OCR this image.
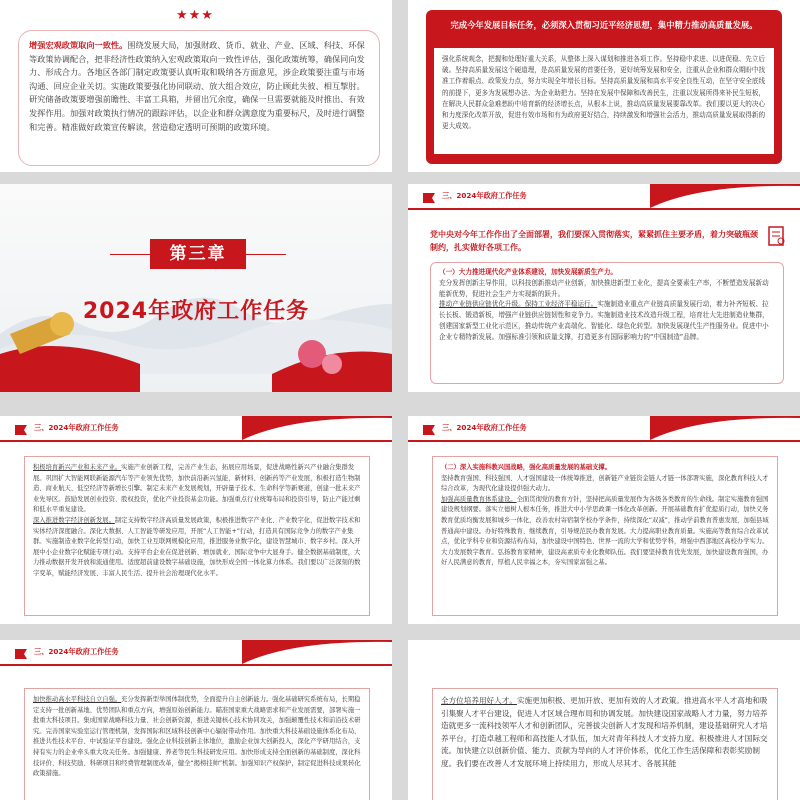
★★★
增强宏观政策取向一致性。围绕发展大局，加强财政、货币、就业、产业、区域、科技、环保等政策协调配合，把非经济性政策纳入宏观政策取向一致性评估，强化政策统筹，确保同向发力、形成合力。各地区各部门制定政策要认真听取和吸纳各方面意见，涉企政策要注重与市场沟通、回应企业关切。实施政策要强化协同联动、放大组合效应，防止顾此失彼、相互掣肘。研究储备政策要增强前瞻性、丰富工具箱，并留出冗余度，确保一旦需要就能及时推出、有效发挥作用。加强对政策执行情况的跟踪评估，以企业和群众满意度为重要标尺，及时进行调整和完善。精准做好政策宣传解读，营造稳定透明可预期的政策环境。
完成今年发展目标任务，必须深入贯彻习近平经济思想，集中精力推动高质量发展。
强化系统观念，把握和处理好重大关系，从整体上深入谋划和推进各项工作。坚持稳中求进、以进促稳、先立后破。坚持高质量发展这个硬道理，是高质量发展的首要任务，更好统筹发展和安全，注重从企业和群众期盼中找准工作着眼点、政策发力点，努力实现全年增长目标。坚持高质量发展和高水平安全良性互动，在坚守安全底线的前提下，更多为发展想办法、为企业助把力。坚持在发展中保障和改善民生，注重以发展所得来补民生短板，在解决人民群众急难愁盼中培育新的经济增长点，从根本上说，推动高质量发展要靠改革。我们要以更大的决心和力度深化改革开放，促进有效市场和有为政府更好结合，持续激发和增强社会活力，推动高质量发展取得新的更大成效。
第三章
2024年政府工作任务
三、2024年政府工作任务
党中央对今年工作作出了全面部署，我们要深入贯彻落实，紧紧抓住主要矛盾，着力突破瓶颈制约，扎实做好各项工作。
（一）大力推进现代化产业体系建设，加快发展新质生产力。
充分发挥创新主导作用，以科技创新推动产业创新，加快推进新型工业化，提高全要素生产率，不断塑造发展新动能新优势，促进社会生产力实现新的跃升。
推动产业链供应链优化升级。保持工业经济平稳运行。实施制造业重点产业链高质量发展行动，着力补齐短板、拉长长板、锻造新板，增强产业链供应链韧性和竞争力。实施制造业技术改造升级工程，培育壮大先进制造业集群，创建国家新型工业化示范区，推动传统产业高端化、智能化、绿色化转型。加快发展现代生产性服务业。促进中小企业专精特新发展。加强标准引领和质量支撑，打造更多有国际影响力的“中国制造”品牌。
三、2024年政府工作任务
积极培育新兴产业和未来产业。实施产业创新工程，完善产业生态，拓展应用场景，促进战略性新兴产业融合集群发展。巩固扩大智能网联新能源汽车等产业领先优势，加快前沿新兴氢能、新材料、创新药等产业发展，积极打造生物制造、商业航天、低空经济等新增长引擎。制定未来产业发展规划，开辟量子技术、生命科学等新赛道，创建一批未来产业先导区。鼓励发展创业投资、股权投资，优化产业投资基金功能。加强重点行业统筹布局和投资引导，防止产能过剩和低水平重复建设。
深入推进数字经济创新发展。制定支持数字经济高质量发展政策，积极推进数字产业化、产业数字化，促进数字技术和实体经济深度融合。深化大数据、人工智能等研发应用，开展“人工智能+”行动，打造具有国际竞争力的数字产业集群。实施制造业数字化转型行动，加快工业互联网规模化应用，推进服务业数字化，建设智慧城市、数字乡村。深入开展中小企业数字化赋能专项行动。支持平台企业在促进创新、增加就业、国际竞争中大显身手。健全数据基础制度，大力推动数据开发开放和流通使用。适度超前建设数字基础设施，加快形成全国一体化算力体系。我们要以广泛深刻的数字变革，赋能经济发展、丰富人民生活、提升社会治理现代化水平。
三、2024年政府工作任务
（二）深入实施科教兴国战略，强化高质量发展的基础支撑。
坚持教育强国、科技强国、人才强国建设一体统筹推进，创新链产业链资金链人才链一体部署实施，深化教育科技人才综合改革，为现代化建设提供强大动力。
加强高质量教育体系建设。全面贯彻党的教育方针，坚持把高质量发展作为各级各类教育的生命线。制定实施教育强国建设规划纲要。落实立德树人根本任务，推进大中小学思政课一体化改革创新。开展基础教育扩优提质行动，加快义务教育优质均衡发展和城乡一体化，改善农村寄宿制学校办学条件，持续深化“双减”，推动学前教育普惠发展，加强县域普通高中建设。办好特殊教育、继续教育，引导规范民办教育发展。大力提高职业教育质量。实施高等教育综合改革试点，优化学科专业和资源结构布局，加快建设中国特色、世界一流的大学和优势学科，增强中西部地区高校办学实力。大力发展数字教育。弘扬教育家精神，建设高素质专业化教师队伍。我们要坚持教育优先发展，加快建设教育强国，办好人民满意的教育，厚植人民幸福之本，夯实国家富强之基。
三、2024年政府工作任务
加快推动高水平科技自立自强。充分发挥新型举国体制优势，全面提升自主创新能力。强化基础研究系统布局，长期稳定支持一批创新基地、优势团队和重点方向，增强原始创新能力。瞄准国家重大战略需求和产业发展需要，部署实施一批重大科技项目。集成国家战略科技力量、社会创新资源，推进关键核心技术协同攻关，加强颠覆性技术和前沿技术研究。完善国家实验室运行管理机制，发挥国际和区域科技创新中心辐射带动作用。加快重大科技基础设施体系化布局，推进共性技术平台、中试验证平台建设。强化企业科技创新主体地位，激励企业加大创新投入，深化产学研用结合，支持有实力的企业牵头重大攻关任务。加强健康、养老等民生科技研发应用。加快形成支持全面创新的基础制度，深化科技评价、科技奖励、科研项目和经费管理制度改革，健全“揭榜挂帅”机制。加强知识产权保护，制定促进科技成果转化政策措施。
全方位培养用好人才。实施更加积极、更加开放、更加有效的人才政策。推进高水平人才高地和吸引集聚人才平台建设，促进人才区域合理布局和协调发展。加快建设国家战略人才力量，努力培养造就更多一流科技领军人才和创新团队，完善拔尖创新人才发现和培养机制，建设基础研究人才培养平台，打造卓越工程师和高技能人才队伍，加大对青年科技人才支持力度。积极推进人才国际交流。加快建立以创新价值、能力、贡献为导向的人才评价体系，优化工作生活保障和表彰奖励制度。我们要在改善人才发展环境上持续用力，形成人尽其才、各展其能
